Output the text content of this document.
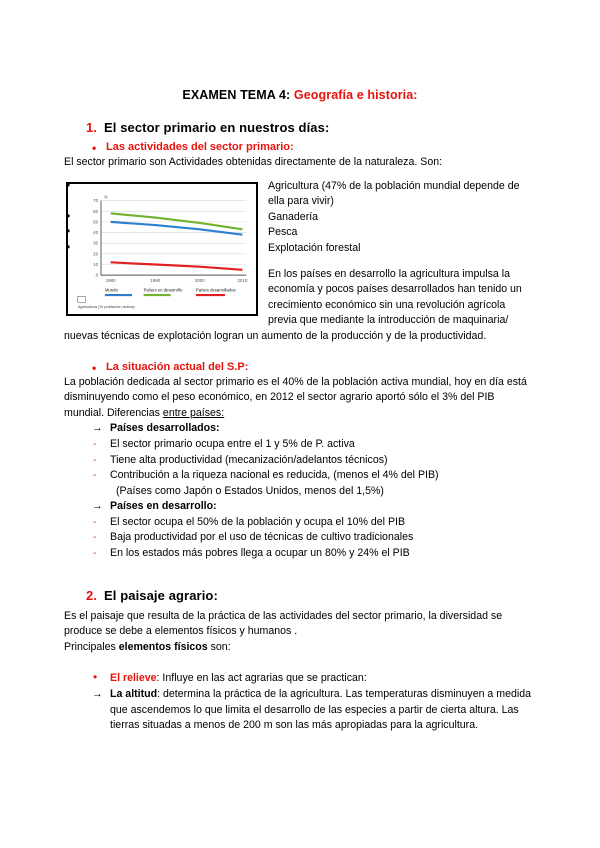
EXAMEN TEMA 4: Geografía e historia:
1. El sector primario en nuestros días:
• Las actividades del sector primario:

El sector primario son Actividades obtenidas directamente de la naturaleza. Son:

70
60
50
40
30
20
10
0
%
1980	1990	2000	2010
Mundo	Países en desarrollo	Países desarrollados
Agricultura (% población activa)
• Agricultura (47% de la población mundial depende de ella para vivir)
• Ganadería
• Pesca
• Explotación forestal

En los países en desarrollo la agricultura impulsa la economía y pocos países desarrollados han tenido un crecimiento económico sin una revolución agrícola previa que mediante la introducción de maquinaria/ nuevas técnicas de explotación logran un aumento de la producción y de la productividad.

• La situación actual del S.P:

La población dedicada al sector primario es el 40% de la población activa mundial, hoy en día está disminuyendo como el peso económico, en 2012 el sector agrario aportó sólo el 3% del PIB mundial. Diferencias entre países:

→ Países desarrollados:
- El sector primario ocupa entre el 1 y 5% de P. activa
- Tiene alta productividad (mecanización/adelantos técnicos)
- Contribución a la riqueza nacional es reducida, (menos el 4% del PIB)
(Países como Japón o Estados Unidos, menos del 1,5%)
→ Países en desarrollo:
- El sector ocupa el 50% de la población y ocupa el 10% del PIB
- Baja productividad por el uso de técnicas de cultivo tradicionales
- En los estados más pobres llega a ocupar un 80% y 24% el PIB
2. El paisaje agrario:

Es el paisaje que resulta de la práctica de las actividades del sector primario, la diversidad se produce se debe a elementos físicos y humanos .

Principales elementos físicos son:

• El relieve: Influye en las act agrarias que se practican:
→ La altitud: determina la práctica de la agricultura. Las temperaturas disminuyen a medida que ascendemos lo que limita el desarrollo de las especies a partir de cierta altura. Las tierras situadas a menos de 200 m son las más apropiadas para la agricultura.
